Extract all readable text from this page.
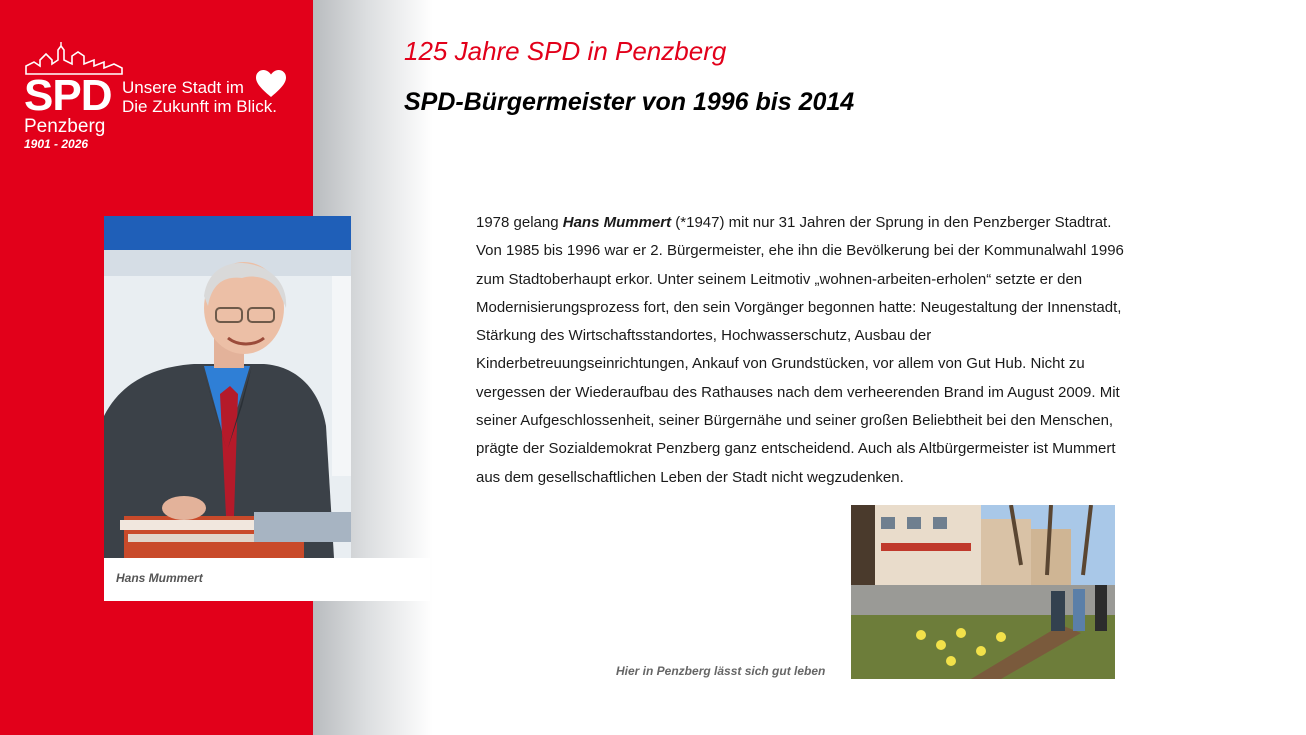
SPD Unsere Stadt im
Die Zukunft im Blick.
Penzberg
1901 - 2026
125 Jahre SPD in Penzberg
SPD-Bürgermeister von 1996 bis 2014
Hans Mummert

1978 gelang Hans Mummert (*1947) mit nur 31 Jahren der Sprung in den Penzberger Stadtrat. Von 1985 bis 1996 war er 2. Bürgermeister, ehe ihn die Bevölkerung bei der Kommunalwahl 1996 zum Stadtoberhaupt erkor. Unter seinem Leitmotiv „wohnen-arbeiten-erholen“ setzte er den Modernisierungsprozess fort, den sein Vorgänger begonnen hatte: Neugestaltung der Innenstadt, Stärkung des Wirtschaftsstandortes, Hochwasserschutz, Ausbau der Kinderbetreuungseinrichtungen, Ankauf von Grundstücken, vor allem von Gut Hub. Nicht zu vergessen der Wiederaufbau des Rathauses nach dem verheerenden Brand im August 2009. Mit seiner Aufgeschlossenheit, seiner Bürgernähe und seiner großen Beliebtheit bei den Menschen, prägte der Sozialdemokrat Penzberg ganz entscheidend. Auch als Altbürgermeister ist Mummert aus dem gesellschaftlichen Leben der Stadt nicht wegzudenken.

Hier in Penzberg lässt sich gut leben
